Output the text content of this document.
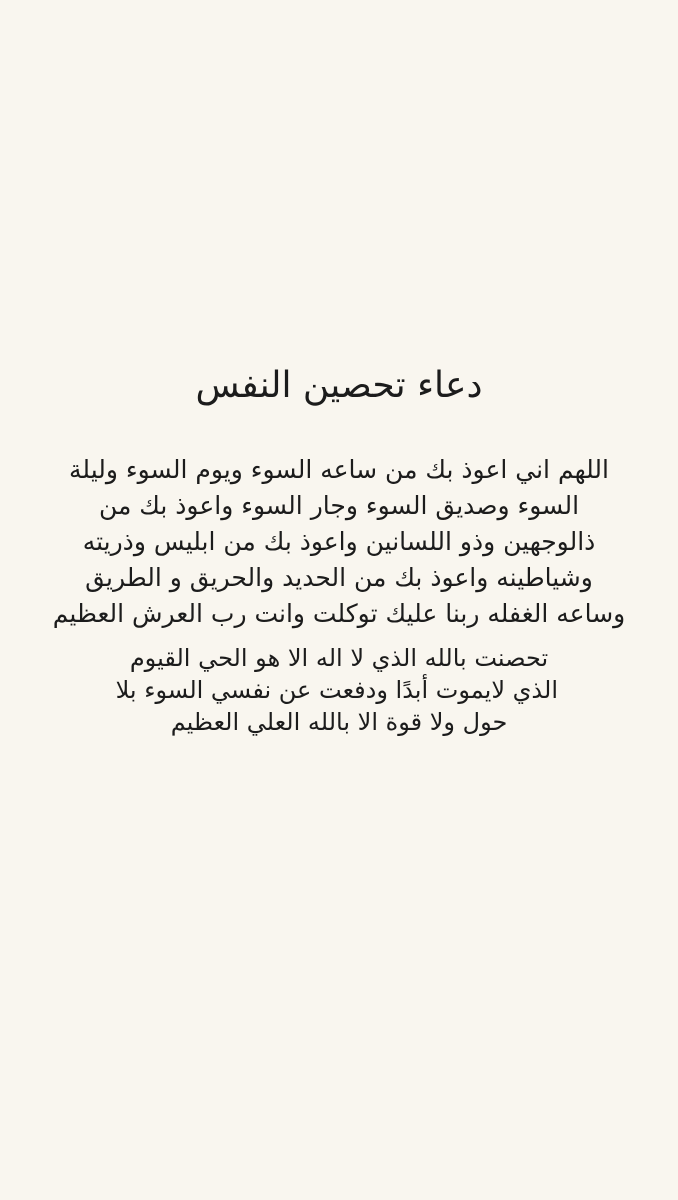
دعاء تحصين النفس

اللهم اني اعوذ بك من ساعه السوء ويوم السوء وليلة
السوء وصديق السوء وجار السوء واعوذ بك من
ذالوجهين وذو اللسانين واعوذ بك من ابليس وذريته
وشياطينه واعوذ بك من الحديد والحريق و الطريق
وساعه الغفله ربنا عليك توكلت وانت رب العرش العظيم

تحصنت بالله الذي لا اله الا هو الحي القيوم
الذي لايموت أبدًا ودفعت عن نفسي السوء بلا
حول ولا قوة الا بالله العلي العظيم
